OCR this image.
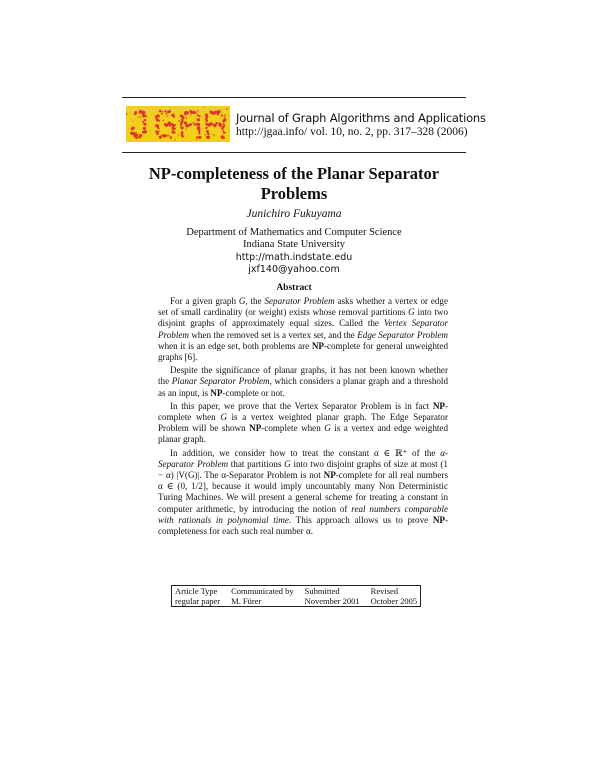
Journal of Graph Algorithms and Applications
http://jgaa.info/ vol. 10, no. 2, pp. 317–328 (2006)
NP-completeness of the Planar Separator Problems
Junichiro Fukuyama
Department of Mathematics and Computer Science
Indiana State University
http://math.indstate.edu
jxf140@yahoo.com
Abstract

For a given graph G, the Separator Problem asks whether a vertex or edge set of small cardinality (or weight) exists whose removal partitions G into two disjoint graphs of approximately equal sizes. Called the Vertex Separator Problem when the removed set is a vertex set, and the Edge Separator Problem when it is an edge set, both problems are NP-complete for general unweighted graphs [6].

Despite the significance of planar graphs, it has not been known whether the Planar Separator Problem, which considers a planar graph and a threshold as an input, is NP-complete or not.

In this paper, we prove that the Vertex Separator Problem is in fact NP-complete when G is a vertex weighted planar graph. The Edge Separator Problem will be shown NP-complete when G is a vertex and edge weighted planar graph.

In addition, we consider how to treat the constant α ∈ ℝ⁺ of the α-Separator Problem that partitions G into two disjoint graphs of size at most (1 − α) |V(G)|. The α-Separator Problem is not NP-complete for all real numbers α ∈ (0, 1/2], because it would imply uncountably many Non Deterministic Turing Machines. We will present a general scheme for treating a constant in computer arithmetic, by introducing the notion of real numbers comparable with rationals in polynomial time. This approach allows us to prove NP-completeness for each such real number α.

Article Type	Communicated by	Submitted	Revised
regular paper	M. Fürer	November 2001	October 2005
